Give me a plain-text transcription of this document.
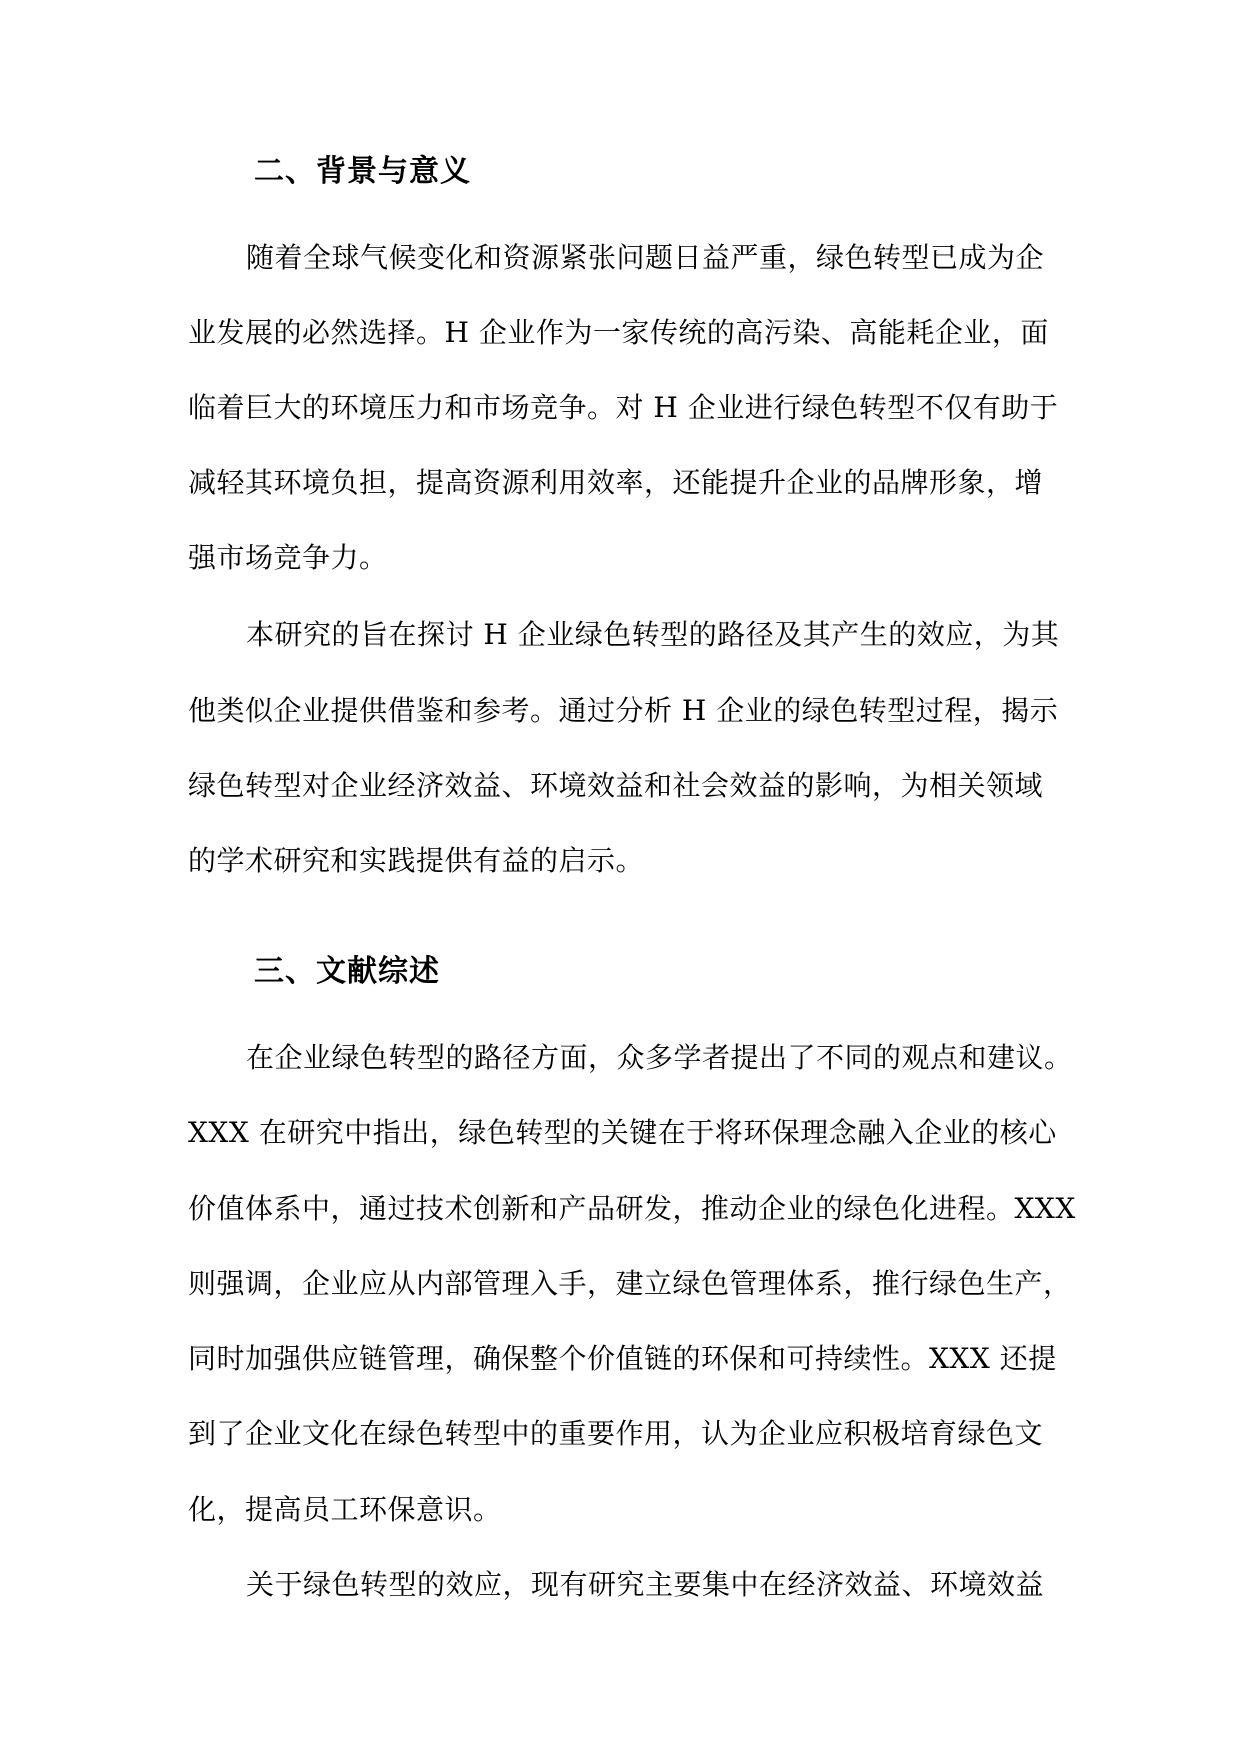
二、背景与意义

随着全球气候变化和资源紧张问题日益严重，绿色转型已成为企

业发展的必然选择。H 企业作为一家传统的高污染、高能耗企业，面

临着巨大的环境压力和市场竞争。对 H 企业进行绿色转型不仅有助于

减轻其环境负担，提高资源利用效率，还能提升企业的品牌形象，增

强市场竞争力。

本研究的旨在探讨 H 企业绿色转型的路径及其产生的效应，为其

他类似企业提供借鉴和参考。通过分析 H 企业的绿色转型过程，揭示

绿色转型对企业经济效益、环境效益和社会效益的影响，为相关领域

的学术研究和实践提供有益的启示。

三、文献综述

在企业绿色转型的路径方面，众多学者提出了不同的观点和建议。

XXX 在研究中指出，绿色转型的关键在于将环保理念融入企业的核心

价值体系中，通过技术创新和产品研发，推动企业的绿色化进程。XXX

则强调，企业应从内部管理入手，建立绿色管理体系，推行绿色生产，

同时加强供应链管理，确保整个价值链的环保和可持续性。XXX 还提

到了企业文化在绿色转型中的重要作用，认为企业应积极培育绿色文

化，提高员工环保意识。

关于绿色转型的效应，现有研究主要集中在经济效益、环境效益
